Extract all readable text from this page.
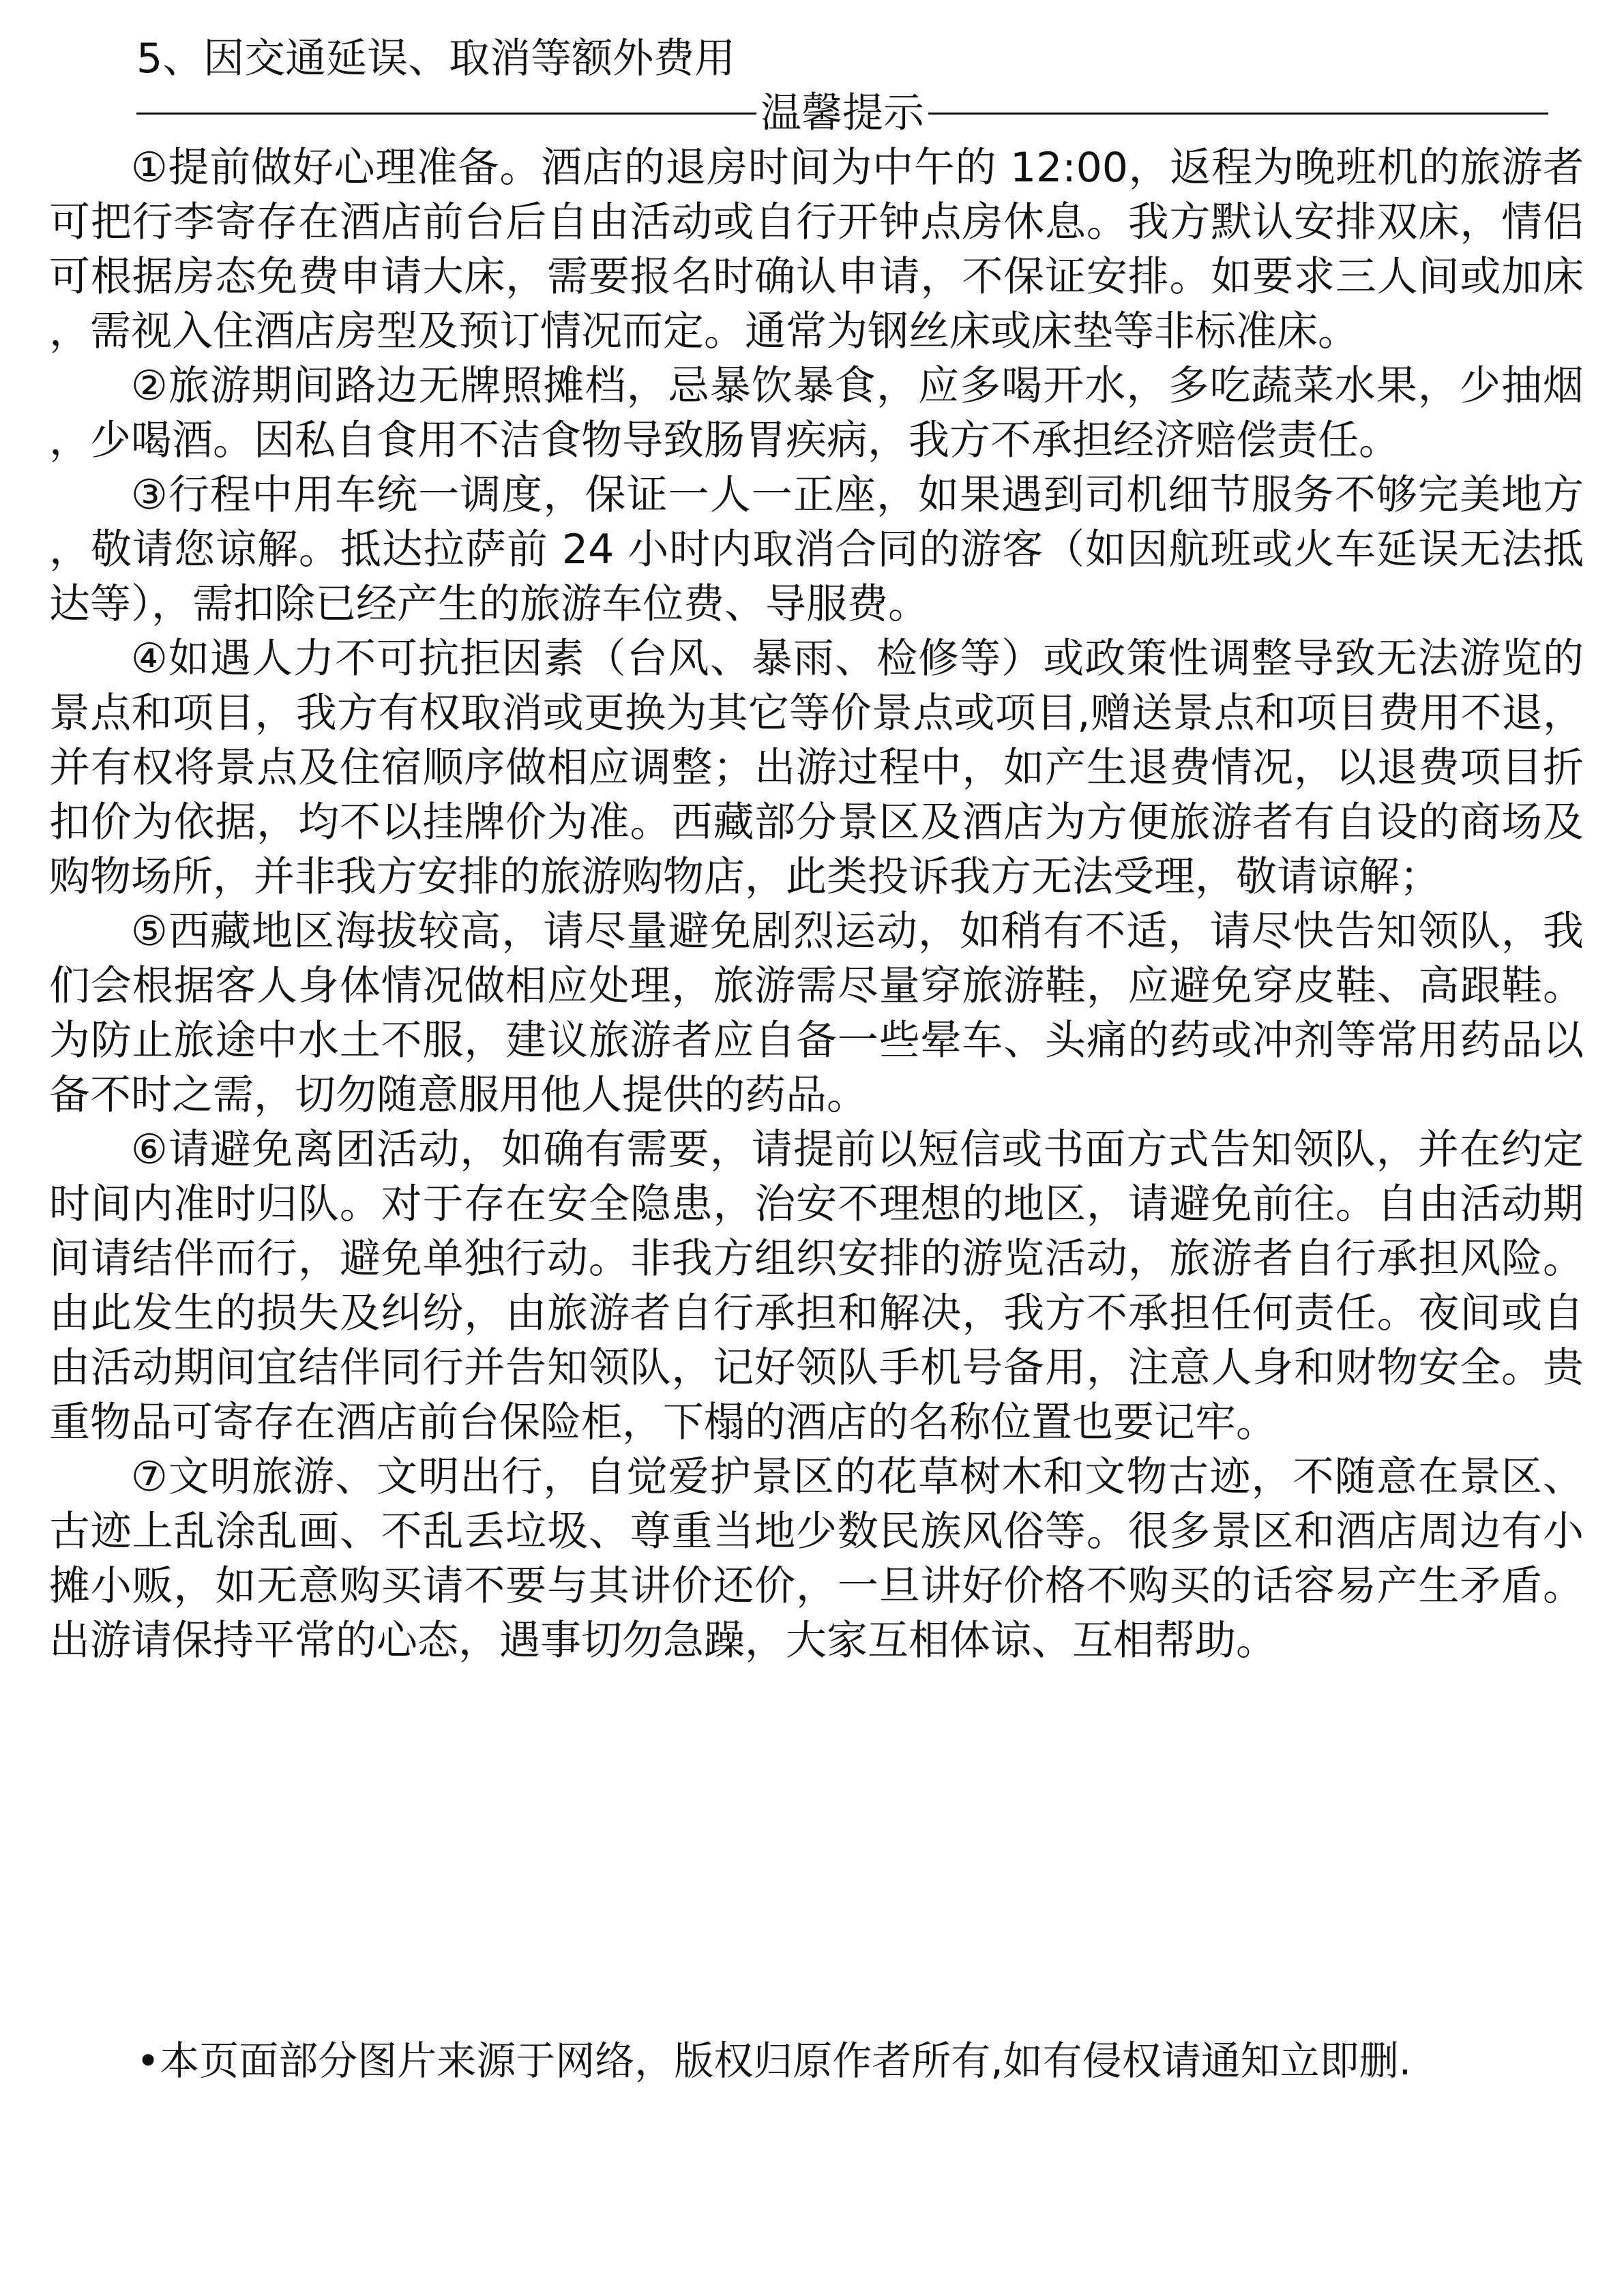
5、因交通延误、取消等额外费用
温馨提示

①提前做好心理准备。酒店的退房时间为中午的 12:00，返程为晚班机的旅游者可把行李寄存在酒店前台后自由活动或自行开钟点房休息。我方默认安排双床，情侣可根据房态免费申请大床，需要报名时确认申请，不保证安排。如要求三人间或加床，需视入住酒店房型及预订情况而定。通常为钢丝床或床垫等非标准床。

②旅游期间路边无牌照摊档，忌暴饮暴食，应多喝开水，多吃蔬菜水果，少抽烟，少喝酒。因私自食用不洁食物导致肠胃疾病，我方不承担经济赔偿责任。

③行程中用车统一调度，保证一人一正座，如果遇到司机细节服务不够完美地方，敬请您谅解。抵达拉萨前 24 小时内取消合同的游客（如因航班或火车延误无法抵达等），需扣除已经产生的旅游车位费、导服费。

④如遇人力不可抗拒因素（台风、暴雨、检修等）或政策性调整导致无法游览的景点和项目，我方有权取消或更换为其它等价景点或项目,赠送景点和项目费用不退，并有权将景点及住宿顺序做相应调整；出游过程中，如产生退费情况，以退费项目折扣价为依据，均不以挂牌价为准。西藏部分景区及酒店为方便旅游者有自设的商场及购物场所，并非我方安排的旅游购物店，此类投诉我方无法受理，敬请谅解；

⑤西藏地区海拔较高，请尽量避免剧烈运动，如稍有不适，请尽快告知领队，我们会根据客人身体情况做相应处理，旅游需尽量穿旅游鞋，应避免穿皮鞋、高跟鞋。为防止旅途中水土不服，建议旅游者应自备一些晕车、头痛的药或冲剂等常用药品以备不时之需，切勿随意服用他人提供的药品。

⑥请避免离团活动，如确有需要，请提前以短信或书面方式告知领队，并在约定时间内准时归队。对于存在安全隐患，治安不理想的地区，请避免前往。自由活动期间请结伴而行，避免单独行动。非我方组织安排的游览活动，旅游者自行承担风险。由此发生的损失及纠纷，由旅游者自行承担和解决，我方不承担任何责任。夜间或自由活动期间宜结伴同行并告知领队，记好领队手机号备用，注意人身和财物安全。贵重物品可寄存在酒店前台保险柜，下榻的酒店的名称位置也要记牢。

⑦文明旅游、文明出行，自觉爱护景区的花草树木和文物古迹，不随意在景区、古迹上乱涂乱画、不乱丢垃圾、尊重当地少数民族风俗等。很多景区和酒店周边有小摊小贩，如无意购买请不要与其讲价还价，一旦讲好价格不购买的话容易产生矛盾。出游请保持平常的心态，遇事切勿急躁，大家互相体谅、互相帮助。

•本页面部分图片来源于网络，版权归原作者所有,如有侵权请通知立即删.
